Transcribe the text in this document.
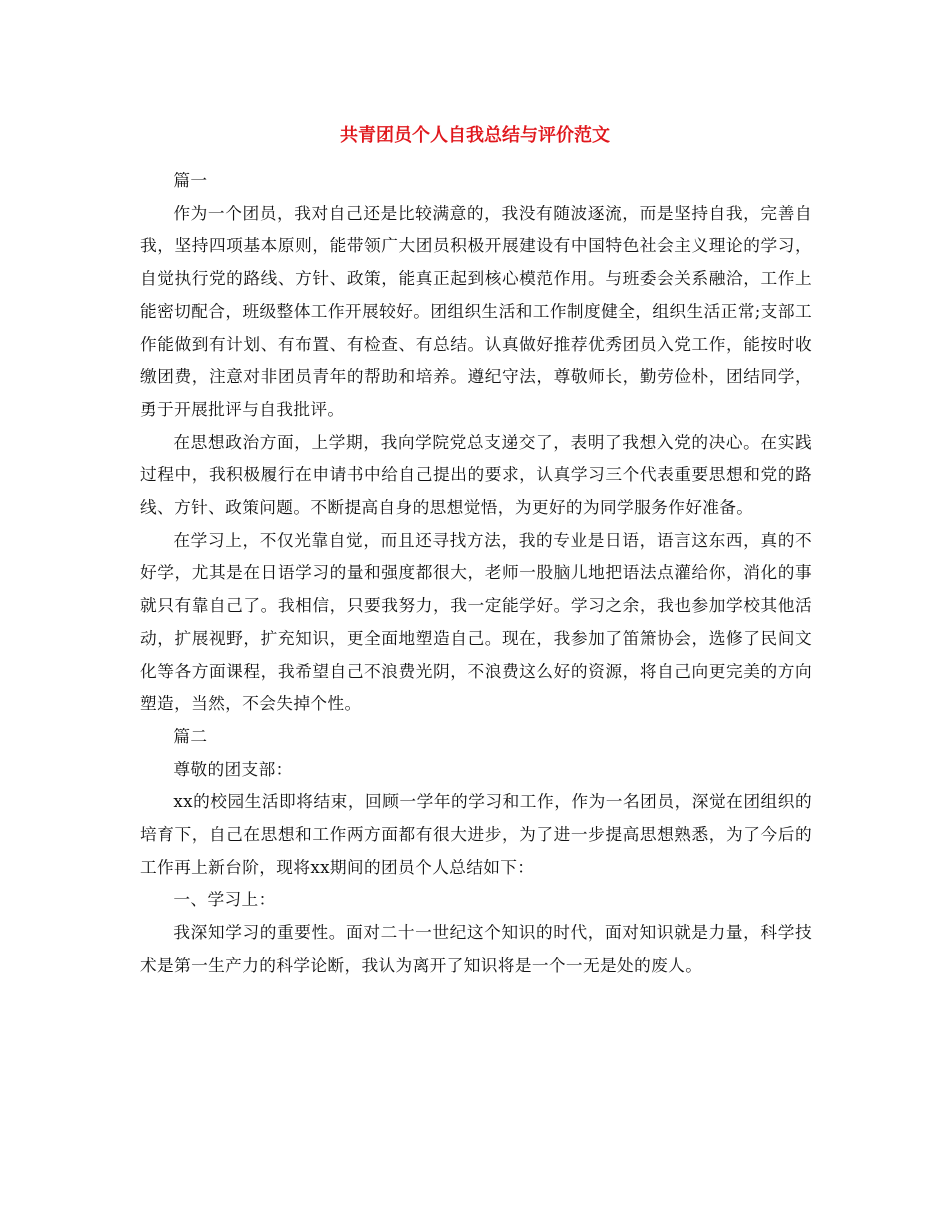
共青团员个人自我总结与评价范文

篇一

作为一个团员，我对自己还是比较满意的，我没有随波逐流，而是坚持自我，完善自我，坚持四项基本原则，能带领广大团员积极开展建设有中国特色社会主义理论的学习，自觉执行党的路线、方针、政策，能真正起到核心模范作用。与班委会关系融洽，工作上能密切配合，班级整体工作开展较好。团组织生活和工作制度健全，组织生活正常;支部工作能做到有计划、有布置、有检查、有总结。认真做好推荐优秀团员入党工作，能按时收缴团费，注意对非团员青年的帮助和培养。遵纪守法，尊敬师长，勤劳俭朴，团结同学，勇于开展批评与自我批评。

在思想政治方面，上学期，我向学院党总支递交了，表明了我想入党的决心。在实践过程中，我积极履行在申请书中给自己提出的要求，认真学习三个代表重要思想和党的路线、方针、政策问题。不断提高自身的思想觉悟，为更好的为同学服务作好准备。

在学习上，不仅光靠自觉，而且还寻找方法，我的专业是日语，语言这东西，真的不好学，尤其是在日语学习的量和强度都很大，老师一股脑儿地把语法点灌给你，消化的事就只有靠自己了。我相信，只要我努力，我一定能学好。学习之余，我也参加学校其他活动，扩展视野，扩充知识，更全面地塑造自己。现在，我参加了笛箫协会，选修了民间文化等各方面课程，我希望自己不浪费光阴，不浪费这么好的资源，将自己向更完美的方向塑造，当然，不会失掉个性。

篇二

尊敬的团支部：

xx的校园生活即将结束，回顾一学年的学习和工作，作为一名团员，深觉在团组织的培育下，自己在思想和工作两方面都有很大进步，为了进一步提高思想熟悉，为了今后的工作再上新台阶，现将xx期间的团员个人总结如下：

一、学习上：

我深知学习的重要性。面对二十一世纪这个知识的时代，面对知识就是力量，科学技术是第一生产力的科学论断，我认为离开了知识将是一个一无是处的废人。
